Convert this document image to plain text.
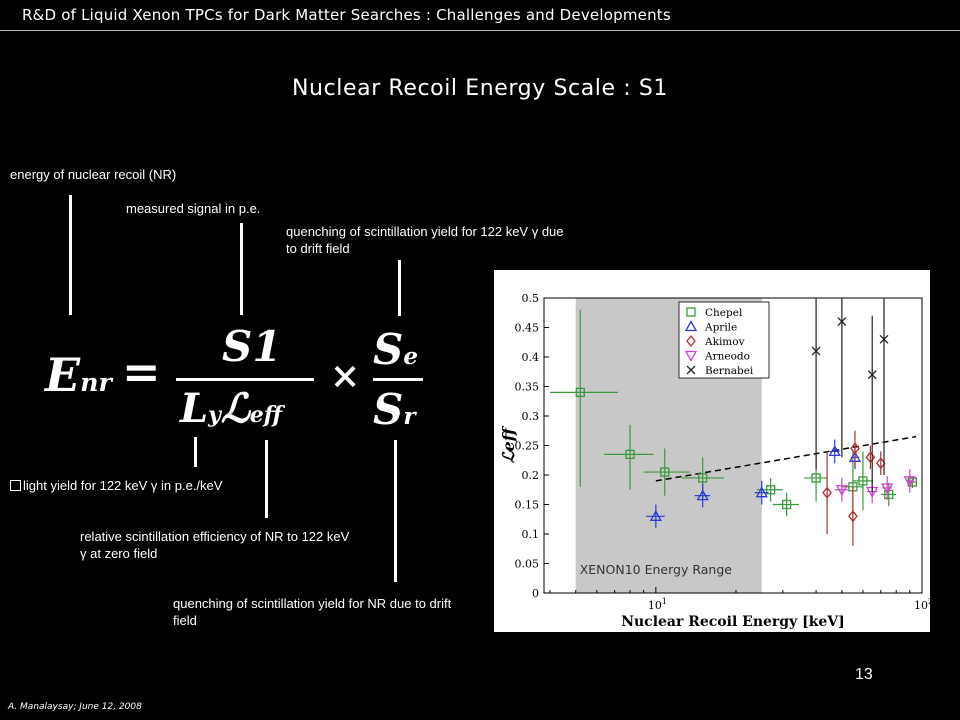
R&D of Liquid Xenon TPCs for Dark Matter Searches : Challenges and Developments
Nuclear Recoil Energy Scale : S1
energy of nuclear recoil (NR)
measured signal in p.e.
quenching of scintillation yield for 122 keV γ due to drift field
light yield for 122 keV γ in p.e./keV
relative scintillation efficiency of NR to 122 keV γ at zero field
quenching of scintillation yield for NR due to drift field
Enr = S1
Lyℒeff
×
Se
Sr
XENON10 Energy Range
0
0.05
0.1
0.15
0.2
0.25
0.3
0.35
0.4
0.45
0.5
$10^1$	$10^2$
Nuclear Recoil Energy [keV]
ℒeff
Chepel
Aprile
Akimov
Arneodo
Bernabei
13
A. Manalaysay; June 12, 2008
